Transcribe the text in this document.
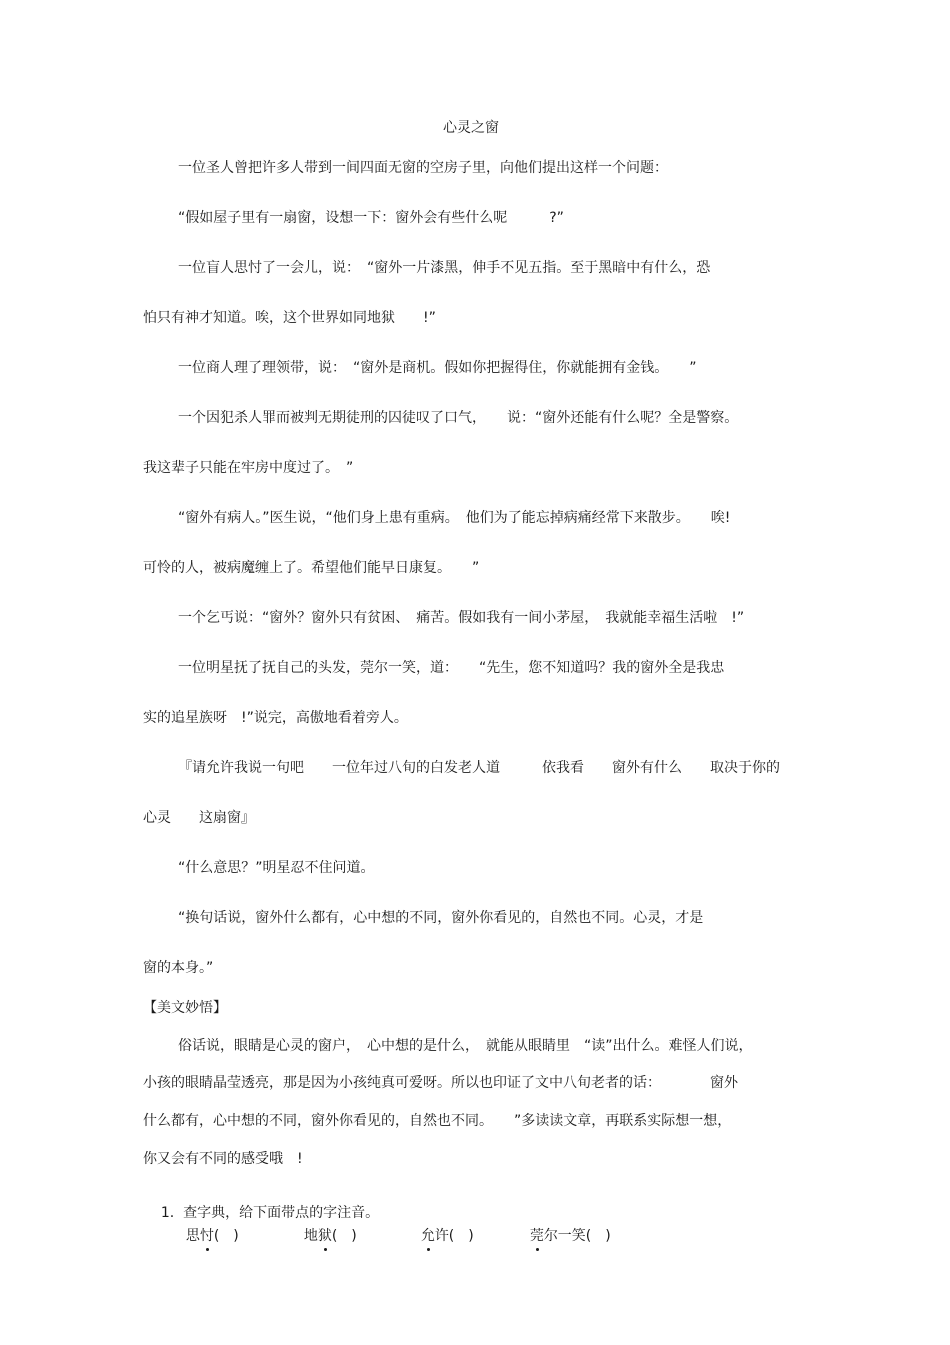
心灵之窗
一位圣人曾把许多人带到一间四面无窗的空房子里，向他们提出这样一个问题：
“假如屋子里有一扇窗，设想一下：窗外会有些什么呢　　　?”
一位盲人思忖了一会儿，说：　“窗外一片漆黑，伸手不见五指。至于黑暗中有什么，恐
怕只有神才知道。唉，这个世界如同地狱　　!”
一位商人理了理领带，说：　“窗外是商机。假如你把握得住，你就能拥有金钱。　　”
一个因犯杀人罪而被判无期徒刑的囚徒叹了口气，　　说：“窗外还能有什么呢？全是警察。
我这辈子只能在牢房中度过了。　”
“窗外有病人。”医生说，“他们身上患有重病。　他们为了能忘掉病痛经常下来散步。　　唉!
可怜的人，被病魔缠上了。希望他们能早日康复。　　”
一个乞丐说：“窗外？窗外只有贫困、　痛苦。假如我有一间小茅屋，　我就能幸福生活啦　!”
一位明星抚了抚自己的头发，莞尔一笑，道：　　“先生，您不知道吗？我的窗外全是我忠
实的追星族呀　!”说完，高傲地看着旁人。
『请允许我说一句吧　　一位年过八旬的白发老人道　　　依我看　　窗外有什么　　取决于你的
心灵　　这扇窗』
“什么意思？”明星忍不住问道。
“换句话说，窗外什么都有，心中想的不同，窗外你看见的，自然也不同。心灵，才是
窗的本身。”
【美文妙悟】
俗话说，眼睛是心灵的窗户，　心中想的是什么，　就能从眼睛里　“读”出什么。难怪人们说，
小孩的眼睛晶莹透亮，那是因为小孩纯真可爱呀。所以也印证了文中八旬老者的话：　　　　窗外
什么都有，心中想的不同，窗外你看见的，自然也不同。　　”多读读文章，再联系实际想一想，
你又会有不同的感受哦　!

1. 查字典，给下面带点的字注音。

思忖(　)
	地狱(　)
	允许(　)
	莞尔一笑(　)
